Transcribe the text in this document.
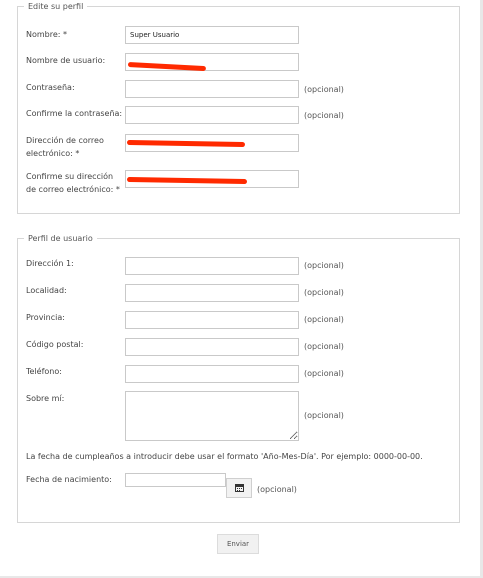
Edite su perfil
Nombre: *
Super Usuario
Nombre de usuario:
Contraseña:	(opcional)
Confirme la contraseña:	(opcional)
Dirección de correo
electrónico: *
Confirme su dirección
de correo electrónico: *
Perfil de usuario
Dirección 1:	(opcional)
Localidad:	(opcional)
Provincia:	(opcional)
Código postal:	(opcional)
Teléfono:	(opcional)
Sobre mí:
(opcional)
La fecha de cumpleaños a introducir debe usar el formato 'Año-Mes-Día'. Por ejemplo: 0000-00-00.
Fecha de nacimiento:
(opcional)
Enviar
